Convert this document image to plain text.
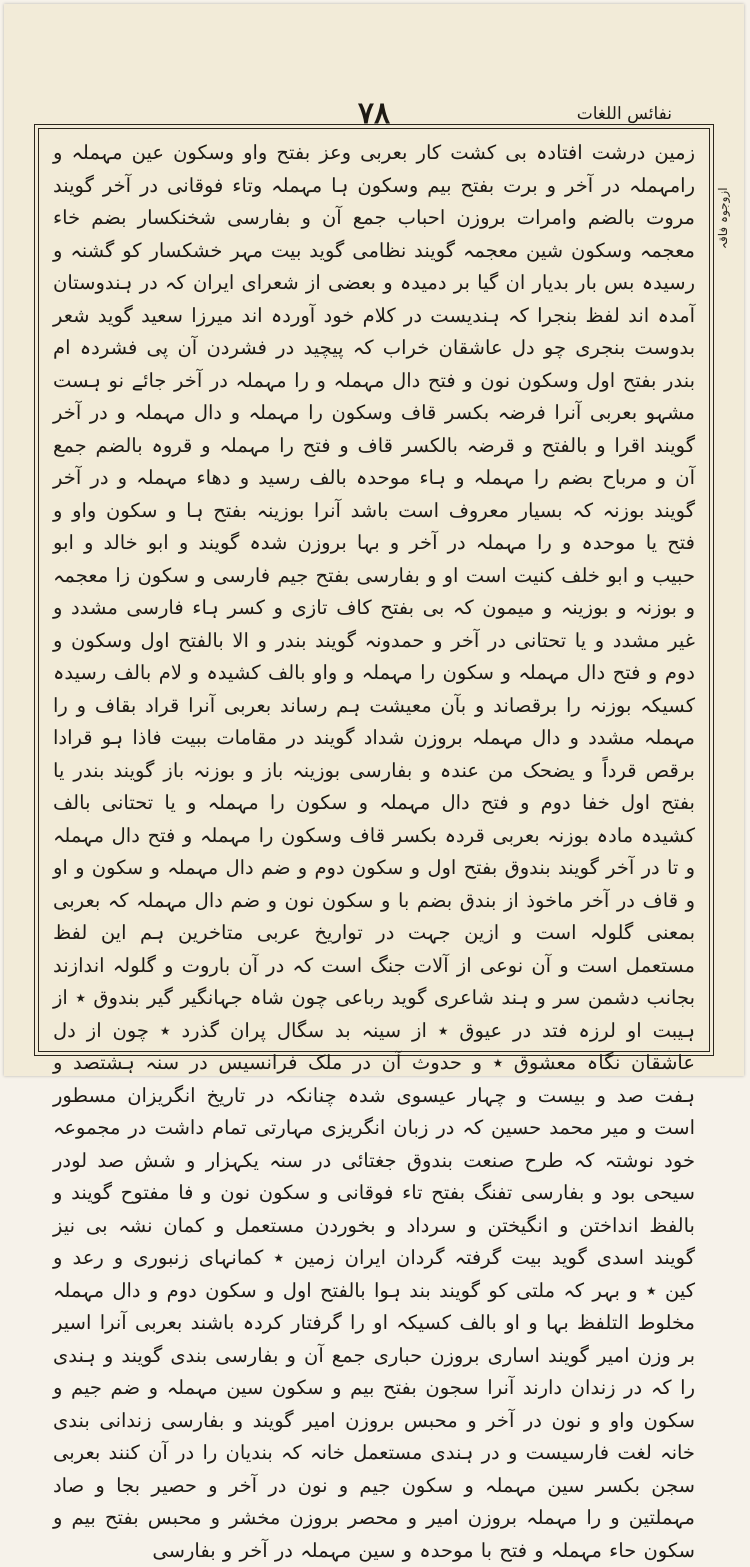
۷۸	نفائس اللغات

زمین درشت افتادہ بی کشت کار بعربی وعز بفتح واو وسکون عین مہملہ و رامہملہ در آخر و برت بفتح بیم وسکون ہا مہملہ وتاء فوقانی در آخر گویند مروت بالضم وامرات بروزن احباب جمع آن و بفارسی شخنکسار بضم خاء معجمہ وسکون شین معجمہ گویند نظامی گوید بیت مہر خشکسار کو گشنہ و رسیدہ بس بار بدیار ان گیا بر دمیدہ و بعضی از شعرای ایران کہ در ہندوستان آمدہ اند لفظ بنجرا کہ ہندیست در کلام خود آوردہ اند میرزا سعید گوید شعر بدوست بنجری چو دل عاشقان خراب کہ پیچید در فشردن آن پی فشردہ ام بندر بفتح اول وسکون نون و فتح دال مہملہ و را مہملہ در آخر جائے نو ہست مشہو بعربی آنرا فرضہ بکسر قاف وسکون را مہملہ و دال مہملہ و در آخر گویند اقرا و بالفتح و قرضہ بالکسر قاف و فتح را مہملہ و قروہ بالضم جمع آن و مرباح بضم را مہملہ و ہاء موحدہ بالف رسید و دھاء مہملہ و در آخر گویند بوزنہ کہ بسیار معروف است باشد آنرا بوزینہ بفتح ہا و سکون واو و فتح یا موحدہ و را مہملہ در آخر و بہا بروزن شدہ گویند و ابو خالد و ابو حبیب و ابو خلف کنیت است او و بفارسی بفتح جیم فارسی و سکون زا معجمہ و بوزنہ و بوزینہ و میمون کہ بی بفتح کاف تازی و کسر ہاء فارسی مشدد و غیر مشدد و یا تحتانی در آخر و حمدونہ گویند بندر و الا بالفتح اول وسکون و دوم و فتح دال مہملہ و سکون را مہملہ و واو بالف کشیدہ و لام بالف رسیدہ کسیکہ بوزنہ را برقصاند و بآن معیشت ہم رساند بعربی آنرا قراد بقاف و را مہملہ مشدد و دال مہملہ بروزن شداد گویند در مقامات ببیت فاذا ہو قرادا برقص قرداً و یضحک من عندہ و بفارسی بوزینہ باز و بوزنہ باز گویند بندر یا بفتح اول خفا دوم و فتح دال مہملہ و سکون را مہملہ و یا تحتانی بالف کشیدہ مادہ بوزنہ بعربی قردہ بکسر قاف وسکون را مہملہ و فتح دال مہملہ و تا در آخر گویند بندوق بفتح اول و سکون دوم و ضم دال مہملہ و سکون و او و قاف در آخر ماخوذ از بندق بضم با و سکون نون و ضم دال مہملہ کہ بعربی بمعنی گلولہ است و ازین جہت در تواریخ عربی متاخرین ہم این لفظ مستعمل است و آن نوعی از آلات جنگ است کہ در آن باروت و گلولہ اندازند بجانب دشمن سر و ہند شاعری گوید رباعی چون شاہ جہانگیر گیر بندوق ٭ از ہیبت او لرزہ فتد در عیوق ٭ از سینہ بد سگال پران گذرد ٭ چون از دل عاشقان نگاہ معشوق ٭ و حدوث آن در ملک فرانسیس در سنہ ہشتصد و ہفت صد و بیست و چہار عیسوی شدہ چنانکہ در تاریخ انگریزان مسطور است و میر محمد حسین کہ در زبان انگریزی مہارتی تمام داشت در مجموعہ خود نوشتہ کہ طرح صنعت بندوق جغتائی در سنہ یکہزار و شش صد لودر سیحی بود و بفارسی تفنگ بفتح تاء فوقانی و سکون نون و فا مفتوح گویند و بالفظ انداختن و انگیختن و سرداد و بخوردن مستعمل و کمان نشہ بی نیز گویند اسدی گوید بیت گرفتہ گردان ایران زمین ٭ کمانہای زنبوری و رعد و کین ٭ و بہر کہ ملتی کو گویند بند ہوا بالفتح اول و سکون دوم و دال مہملہ مخلوط التلفظ بہا و او بالف کسیکہ او را گرفتار کردہ باشند بعربی آنرا اسیر بر وزن امیر گویند اساری بروزن حباری جمع آن و بفارسی بندی گویند و ہندی را کہ در زندان دارند آنرا سجون بفتح بیم و سکون سین مہملہ و ضم جیم و سکون واو و نون در آخر و محبس بروزن امیر گویند و بفارسی زندانی بندی خانہ لغت فارسیست و در ہندی مستعمل خانہ کہ بندیان را در آن کنند بعربی سجن بکسر سین مہملہ و سکون جیم و نون در آخر و حصیر بجا و صاد مہملتین و را مہملہ بروزن امیر و محصر بروزن مخشر و محبس بفتح بیم و سکون حاء مہملہ و فتح با موحدہ و سین مہملہ در آخر و بفارسی

ازوجوہ فاقہ
